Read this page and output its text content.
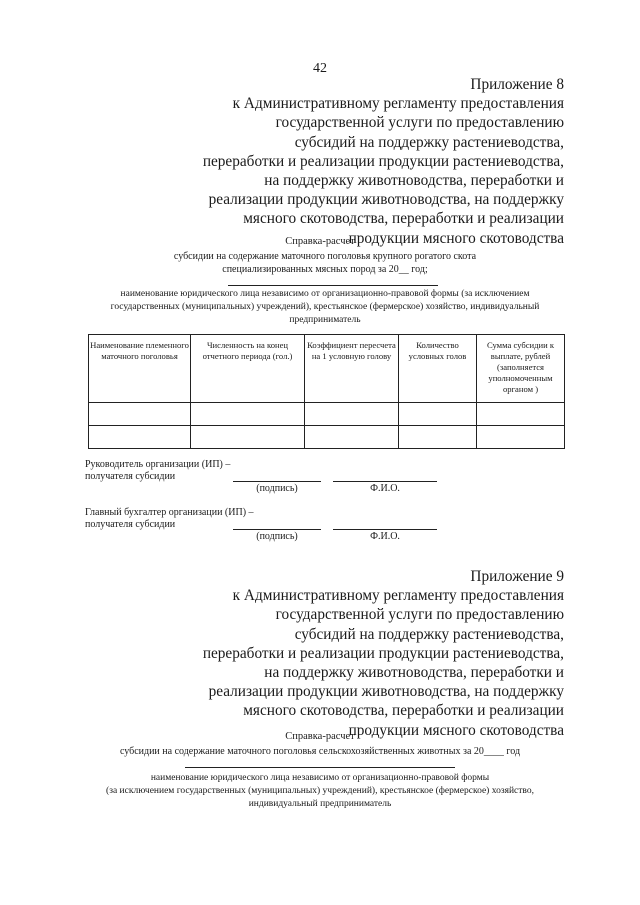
42
Приложение 8
к Административному регламенту предоставления
государственной услуги по предоставлению
субсидий на поддержку растениеводства,
переработки и реализации продукции растениеводства,
на поддержку животноводства, переработки и
реализации продукции животноводства, на поддержку
мясного скотоводства, переработки и реализации
продукции мясного скотоводства
Справка-расчет
субсидии на содержание маточного поголовья крупного рогатого скота
специализированных мясных пород за 20__ год;
наименование юридического лица независимо от организационно-правовой формы (за исключением
государственных (муниципальных) учреждений), крестьянское (фермерское) хозяйство, индивидуальный
предприниматель
Наименование племенного маточного поголовья	Численность на конец отчетного периода (гол.)	Коэффициент пересчета на 1 условную голову	Количество условных голов	Сумма субсидии к выплате, рублей (заполняется уполномоченным органом )

Руководитель организации (ИП) –
получателя субсидии
(подпись)	Ф.И.О.
Главный бухгалтер организации (ИП) –
получателя субсидии
(подпись)	Ф.И.О.
Приложение 9
к Административному регламенту предоставления
государственной услуги по предоставлению
субсидий на поддержку растениеводства,
переработки и реализации продукции растениеводства,
на поддержку животноводства, переработки и
реализации продукции животноводства, на поддержку
мясного скотоводства, переработки и реализации
продукции мясного скотоводства
Справка-расчет
субсидии на содержание маточного поголовья сельскохозяйственных животных за 20____ год
наименование юридического лица независимо от организационно-правовой формы
(за исключением государственных (муниципальных) учреждений), крестьянское (фермерское) хозяйство,
индивидуальный предприниматель
